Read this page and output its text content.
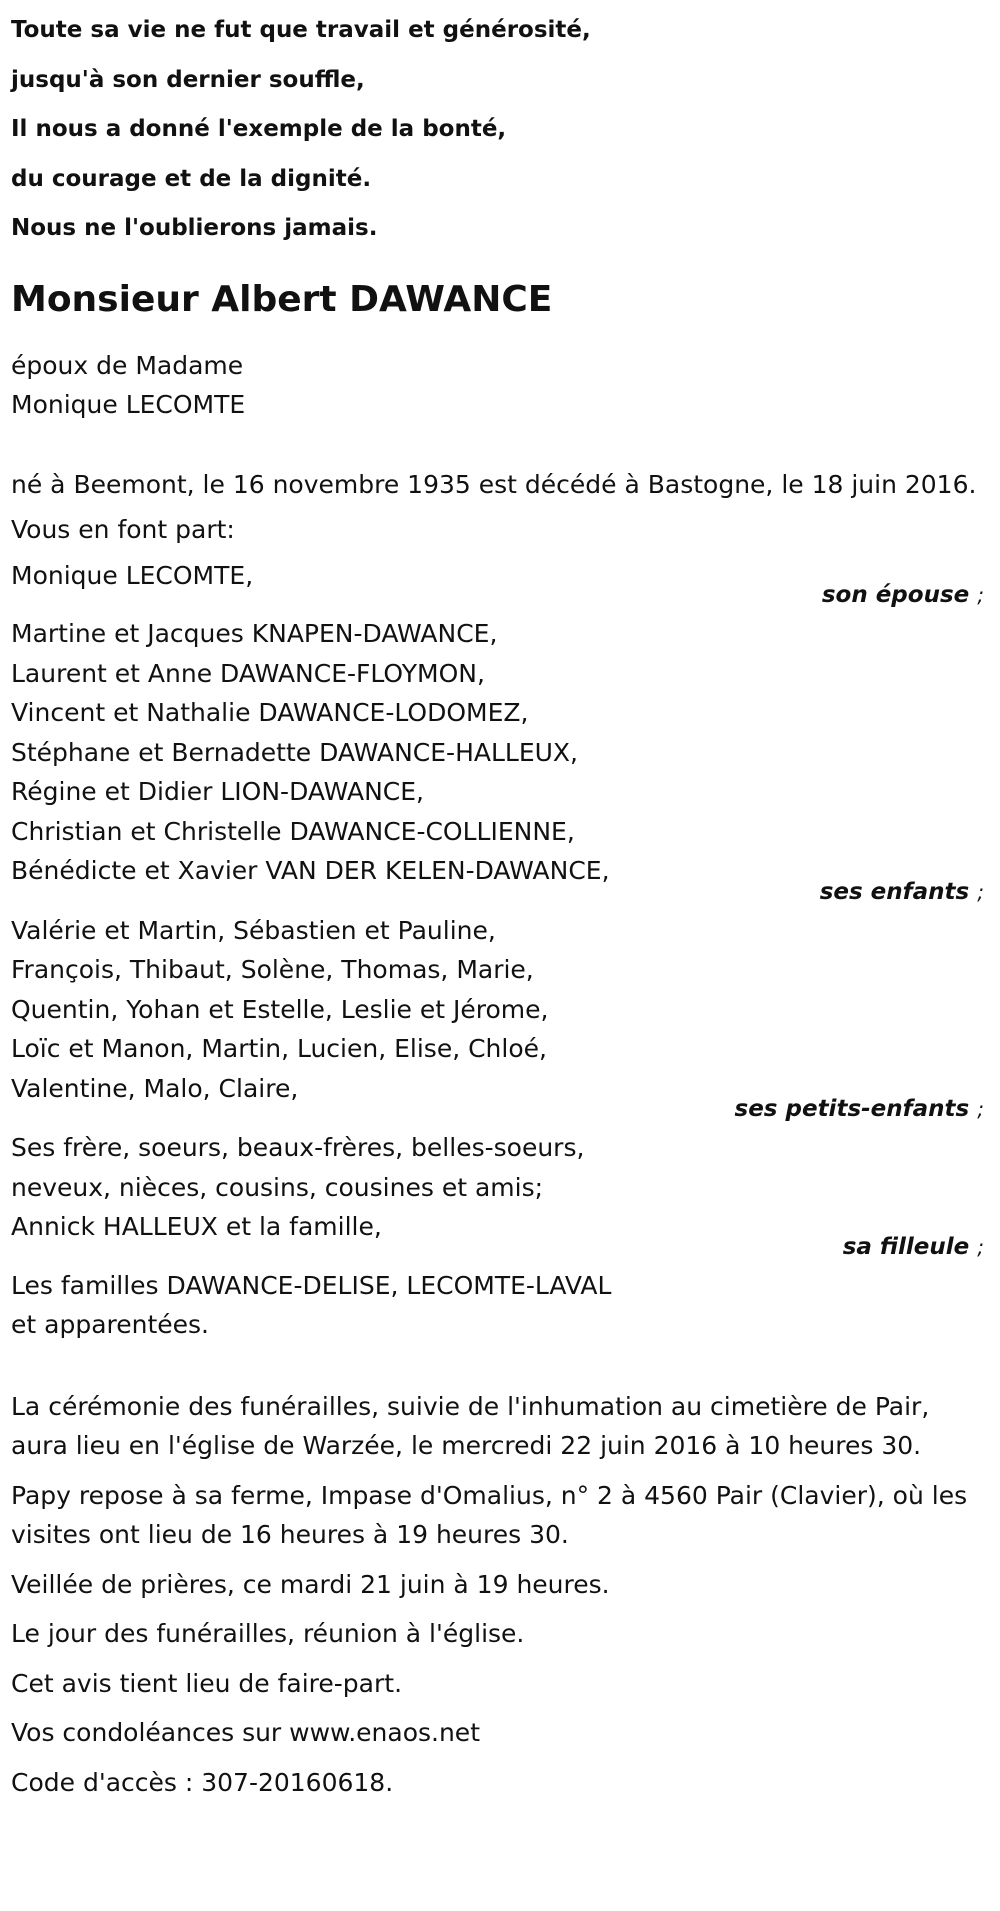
Toute sa vie ne fut que travail et générosité,
jusqu'à son dernier souffle,
Il nous a donné l'exemple de la bonté,
du courage et de la dignité.
Nous ne l'oublierons jamais.
Monsieur Albert DAWANCE
époux de Madame
Monique LECOMTE
né à Beemont, le 16 novembre 1935 est décédé à Bastogne, le 18 juin 2016.
Vous en font part:
Monique LECOMTE,
son épouse ;
Martine et Jacques KNAPEN-DAWANCE,
Laurent et Anne DAWANCE-FLOYMON,
Vincent et Nathalie DAWANCE-LODOMEZ,
Stéphane et Bernadette DAWANCE-HALLEUX,
Régine et Didier LION-DAWANCE,
Christian et Christelle DAWANCE-COLLIENNE,
Bénédicte et Xavier VAN DER KELEN-DAWANCE,
ses enfants ;
Valérie et Martin, Sébastien et Pauline,
François, Thibaut, Solène, Thomas, Marie,
Quentin, Yohan et Estelle, Leslie et Jérome,
Loïc et Manon, Martin, Lucien, Elise, Chloé,
Valentine, Malo, Claire,
ses petits-enfants ;
Ses frère, soeurs, beaux-frères, belles-soeurs,
neveux, nièces, cousins, cousines et amis;
Annick HALLEUX et la famille,
sa filleule ;
Les familles DAWANCE-DELISE, LECOMTE-LAVAL
et apparentées.
La cérémonie des funérailles, suivie de l'inhumation au cimetière de Pair, aura lieu en l'église de Warzée, le mercredi 22 juin 2016 à 10 heures 30.
Papy repose à sa ferme, Impase d'Omalius, n° 2 à 4560 Pair (Clavier), où les visites ont lieu de 16 heures à 19 heures 30.
Veillée de prières, ce mardi 21 juin à 19 heures.
Le jour des funérailles, réunion à l'église.
Cet avis tient lieu de faire-part.
Vos condoléances sur www.enaos.net
Code d'accès : 307-20160618.
